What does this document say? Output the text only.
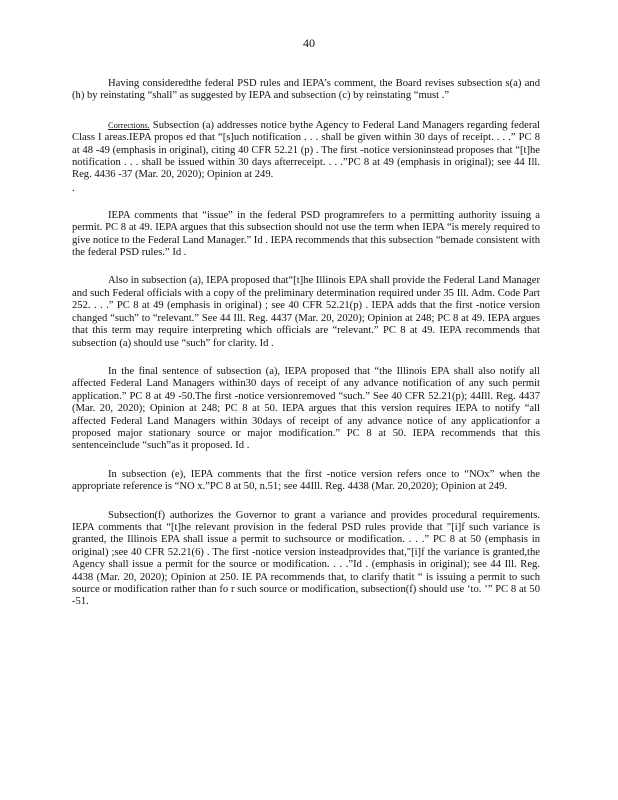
40

Having consideredthe federal PSD rules and IEPA’s comment, the Board revises subsection s(a) and (h) by reinstating “shall” as suggested by IEPA and subsection (c) by reinstating “must .”

Corrections. Subsection (a) addresses notice bythe Agency to Federal Land Managers regarding federal Class I areas.IEPA propos ed that “[s]uch notification . . . shall be given within 30 days of receipt. . . .” PC 8 at 48 -49 (emphasis in original), citing 40 CFR 52.21 (p) . The first -notice versioninstead proposes that “[t]he notification . . . shall be issued within 30 days afterreceipt. . . .”PC 8 at 49 (emphasis in original); see 44 Ill. Reg. 4436 -37 (Mar. 20, 2020); Opinion at 249.

.

IEPA comments that “issue” in the federal PSD programrefers to a permitting authority issuing a permit. PC 8 at 49. IEPA argues that this subsection should not use the term when IEPA “is merely required to give notice to the Federal Land Manager.” Id . IEPA recommends that this subsection “bemade consistent with the federal PSD rules.” Id .

Also in subsection (a), IEPA proposed that“[t]he Illinois EPA shall provide the Federal Land Manager and such Federal officials with a copy of the preliminary determination required under 35 Ill. Adm. Code Part 252. . . .” PC 8 at 49 (emphasis in original) ; see 40 CFR 52.21(p) . IEPA adds that the first -notice version changed “such” to “relevant.” See 44 Ill. Reg. 4437 (Mar. 20, 2020); Opinion at 248; PC 8 at 49. IEPA argues that this term may require interpreting which officials are “relevant.” PC 8 at 49. IEPA recommends that subsection (a) should use “such” for clarity. Id .

In the final sentence of subsection (a), IEPA proposed that “the Illinois EPA shall also notify all affected Federal Land Managers within30 days of receipt of any advance notification of any such permit application.” PC 8 at 49 -50.The first -notice versionremoved “such.” See 40 CFR 52.21(p); 44Ill. Reg. 4437 (Mar. 20, 2020); Opinion at 248; PC 8 at 50. IEPA argues that this version requires IEPA to notify “all affected Federal Land Managers within 30days of receipt of any advance notice of any applicationfor a proposed major stationary source or major modification.” PC 8 at 50. IEPA recommends that this sentenceinclude “such”as it proposed. Id .

In subsection (e), IEPA comments that the first -notice version refers once to “NOx” when the appropriate reference is “NO x.”PC 8 at 50, n.51; see 44Ill. Reg. 4438 (Mar. 20,2020); Opinion at 249.

Subsection(f) authorizes the Governor to grant a variance and provides procedural requirements. IEPA comments that “[t]he relevant provision in the federal PSD rules provide that "[i]f such variance is granted, the Illinois EPA shall issue a permit to suchsource or modification. . . .” PC 8 at 50 (emphasis in original) ;see 40 CFR 52.21(6) . The first -notice version insteadprovides that,"[i]f the variance is granted,the Agency shall issue a permit for the source or modification. . . .”Id . (emphasis in original); see 44 Ill. Reg. 4438 (Mar. 20, 2020); Opinion at 250. IE PA recommends that, to clarify thatit “ is issuing a permit to such source or modification rather than fo r such source or modification, subsection(f) should use ‘to. ’” PC 8 at 50 -51.
